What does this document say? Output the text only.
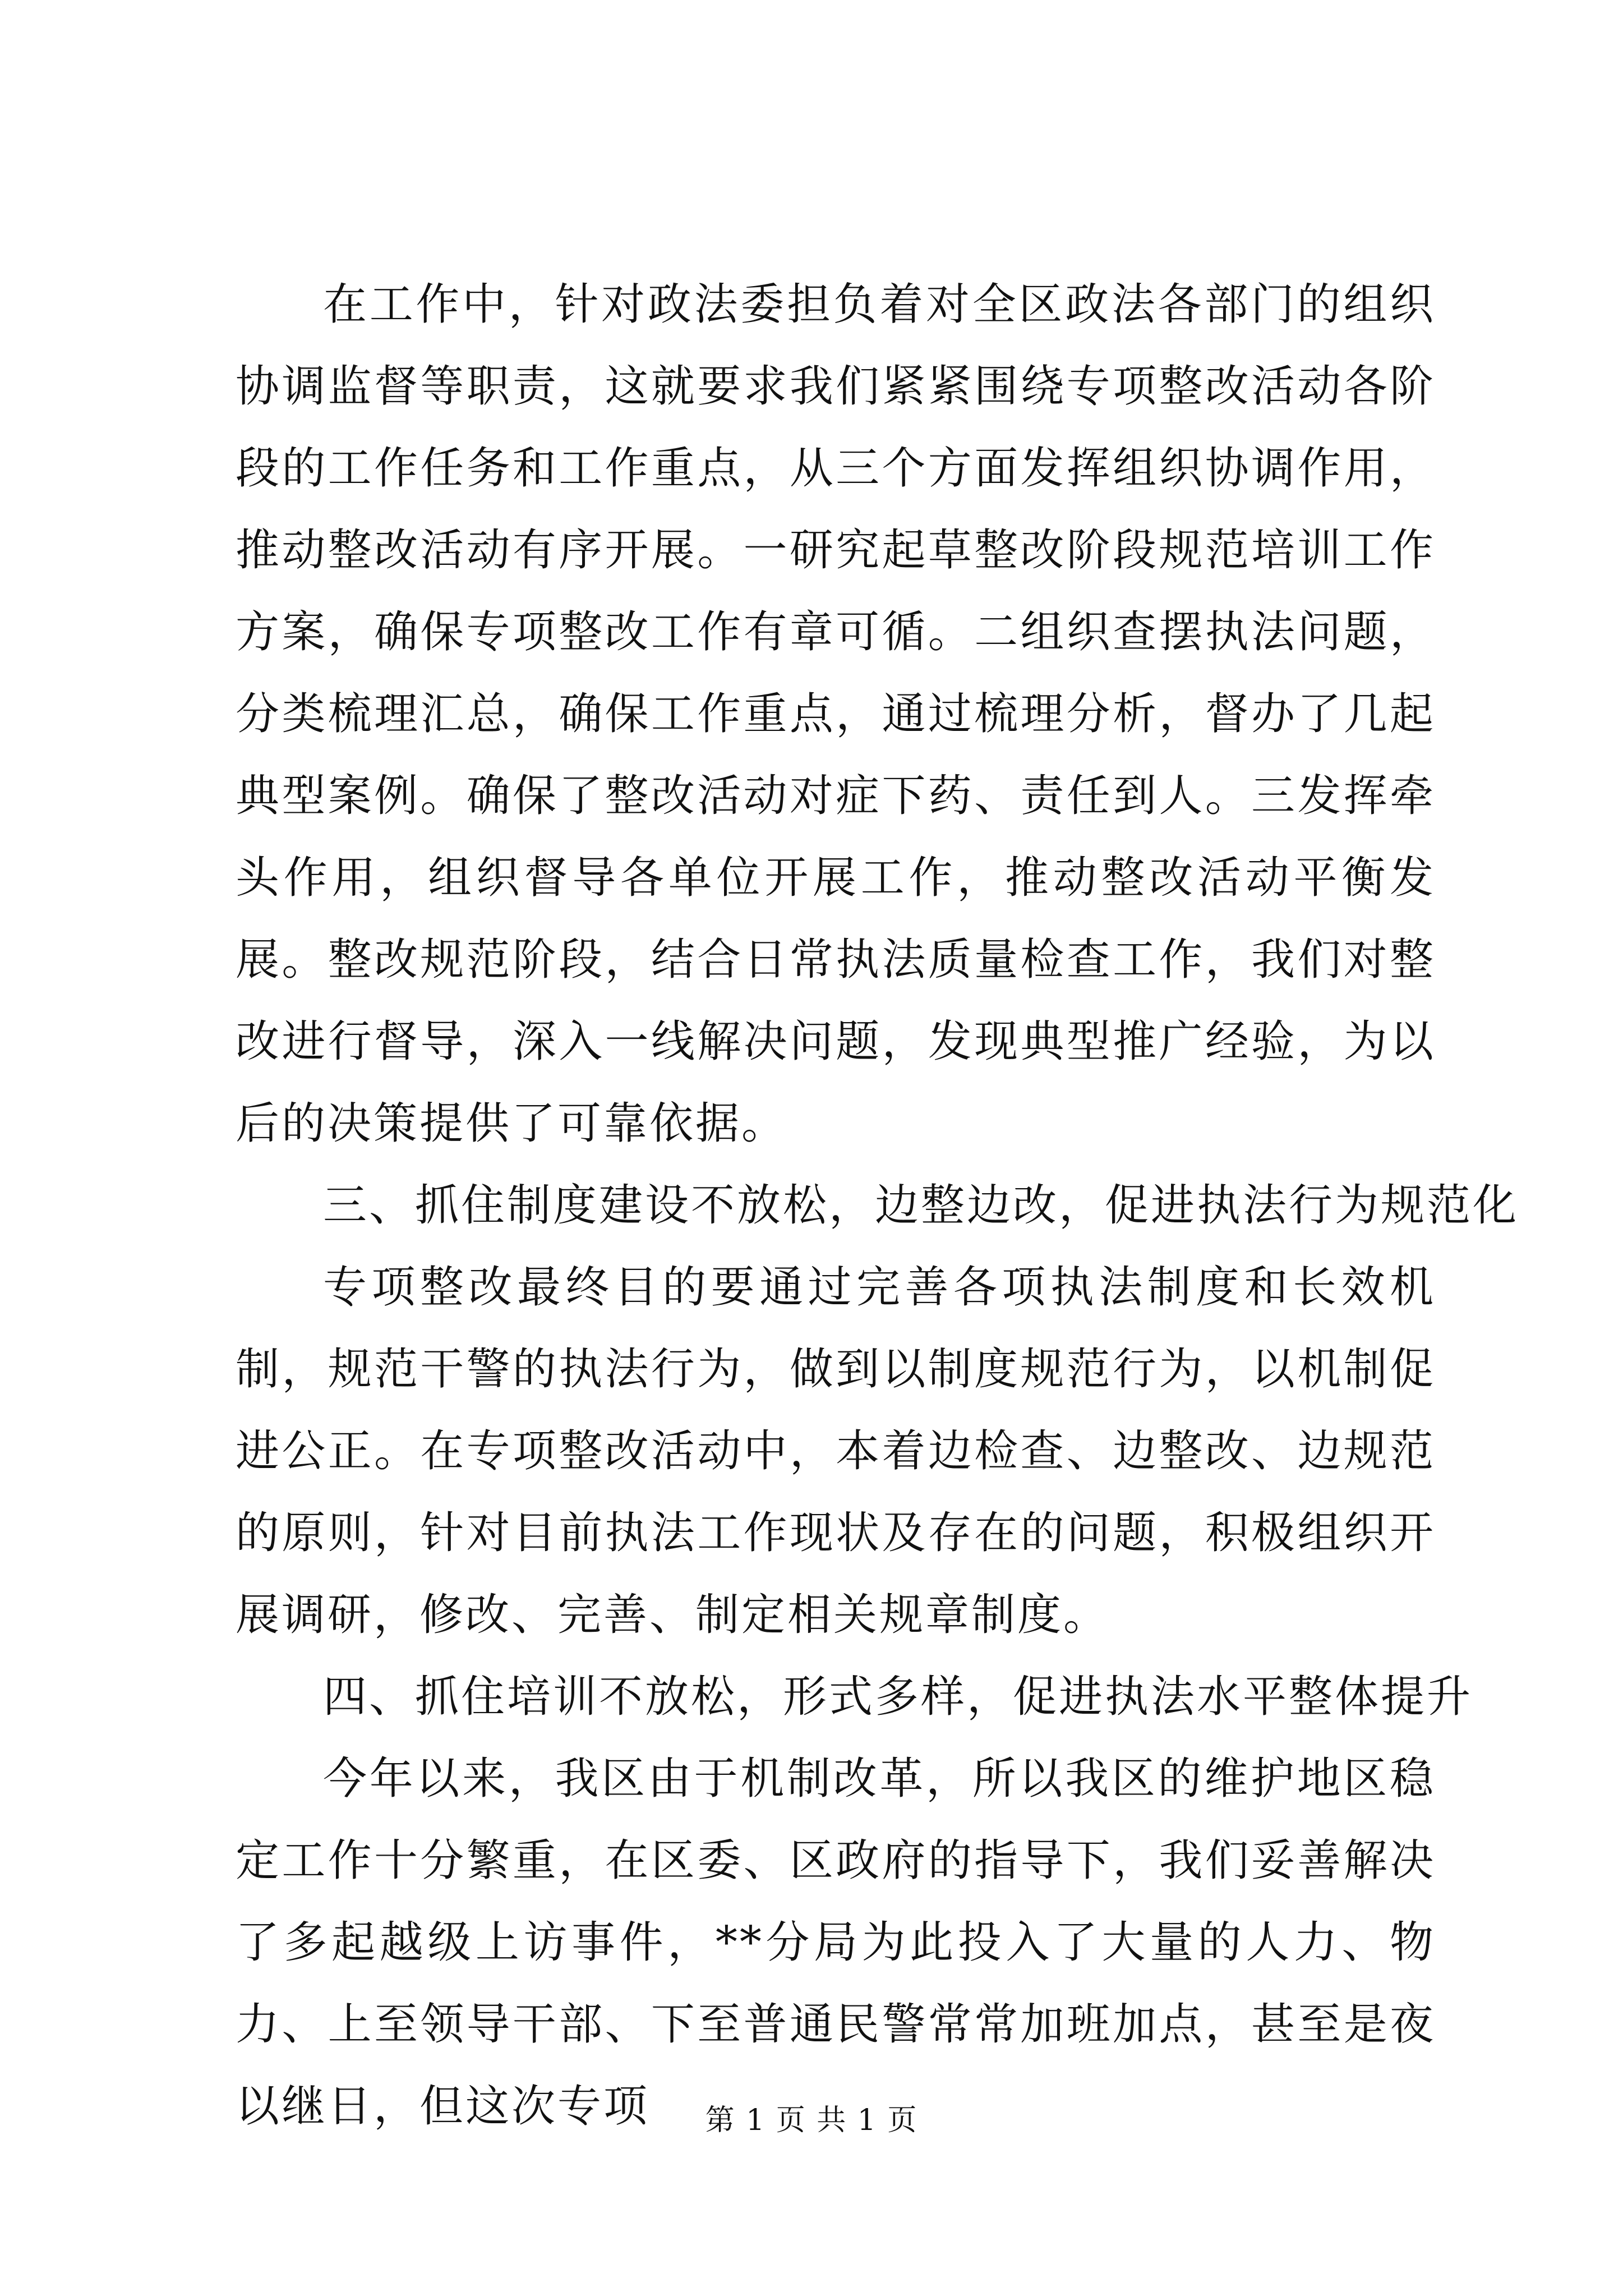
在工作中，针对政法委担负着对全区政法各部门的组织协调监督等职责，这就要求我们紧紧围绕专项整改活动各阶段的工作任务和工作重点，从三个方面发挥组织协调作用，推动整改活动有序开展。一研究起草整改阶段规范培训工作方案，确保专项整改工作有章可循。二组织查摆执法问题，分类梳理汇总，确保工作重点，通过梳理分析，督办了几起典型案例。确保了整改活动对症下药、责任到人。三发挥牵头作用，组织督导各单位开展工作，推动整改活动平衡发展。整改规范阶段，结合日常执法质量检查工作，我们对整改进行督导，深入一线解决问题，发现典型推广经验，为以后的决策提供了可靠依据。

三、抓住制度建设不放松，边整边改，促进执法行为规范化

专项整改最终目的要通过完善各项执法制度和长效机制，规范干警的执法行为，做到以制度规范行为，以机制促进公正。在专项整改活动中，本着边检查、边整改、边规范的原则，针对目前执法工作现状及存在的问题，积极组织开展调研，修改、完善、制定相关规章制度。

四、抓住培训不放松，形式多样，促进执法水平整体提升

今年以来，我区由于机制改革，所以我区的维护地区稳定工作十分繁重，在区委、区政府的指导下，我们妥善解决了多起越级上访事件，**分局为此投入了大量的人力、物力、上至领导干部、下至普通民警常常加班加点，甚至是夜以继日，但这次专项	第 1 页 共 1 页
